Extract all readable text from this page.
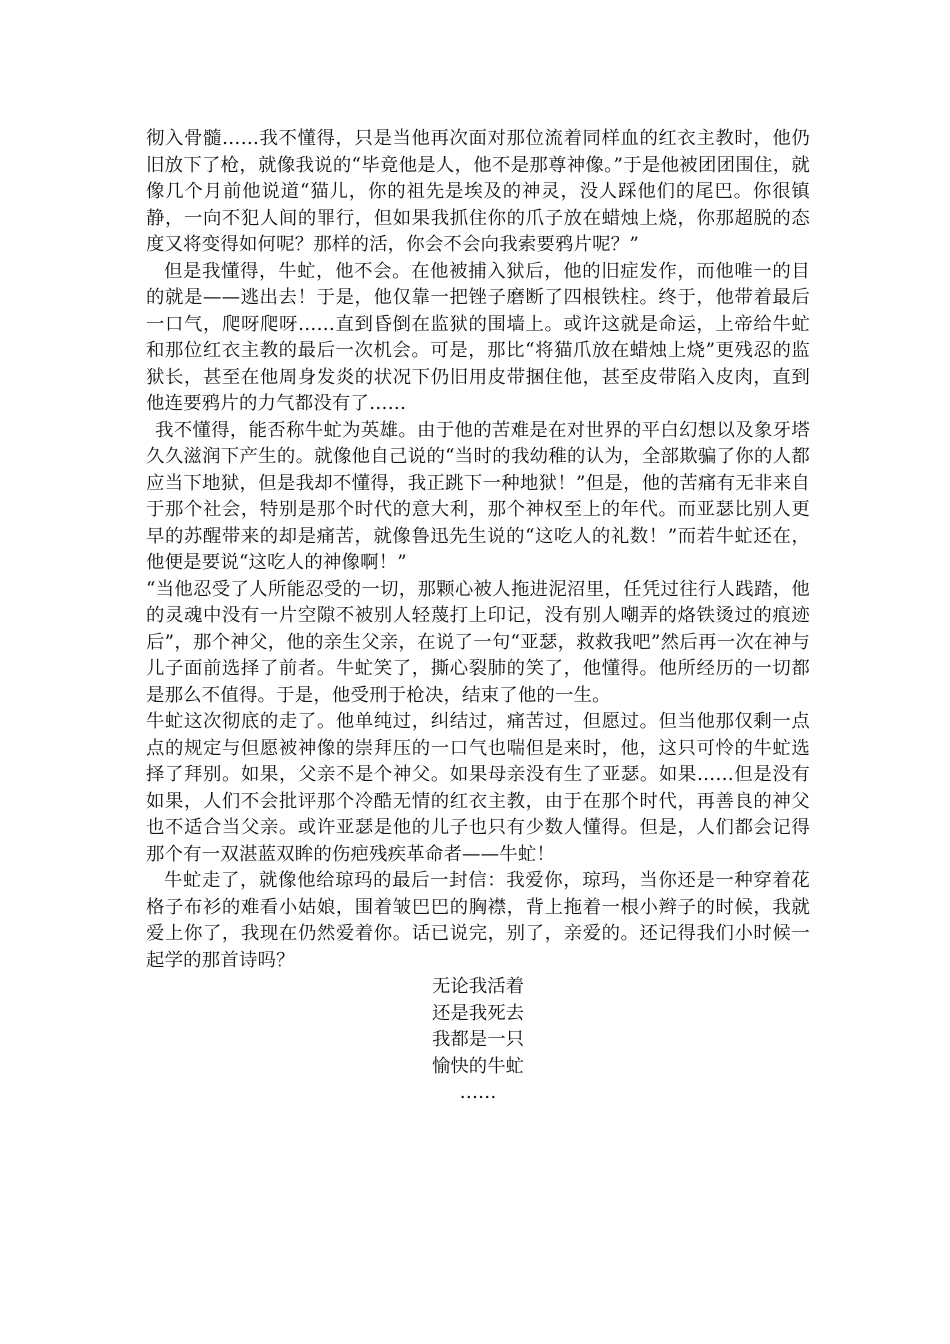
彻入骨髓……我不懂得，只是当他再次面对那位流着同样血的红衣主教时，他仍旧放下了枪，就像我说的“毕竟他是人，他不是那尊神像。”于是他被团团围住，就像几个月前他说道“猫儿，你的祖先是埃及的神灵，没人踩他们的尾巴。你很镇静，一向不犯人间的罪行，但如果我抓住你的爪子放在蜡烛上烧，你那超脱的态度又将变得如何呢？那样的活，你会不会向我索要鸦片呢？”

但是我懂得，牛虻，他不会。在他被捕入狱后，他的旧症发作，而他唯一的目的就是——逃出去！于是，他仅靠一把锉子磨断了四根铁柱。终于，他带着最后一口气，爬呀爬呀……直到昏倒在监狱的围墙上。或许这就是命运，上帝给牛虻和那位红衣主教的最后一次机会。可是，那比“将猫爪放在蜡烛上烧”更残忍的监狱长，甚至在他周身发炎的状况下仍旧用皮带捆住他，甚至皮带陷入皮肉，直到他连要鸦片的力气都没有了……

我不懂得，能否称牛虻为英雄。由于他的苦难是在对世界的平白幻想以及象牙塔久久滋润下产生的。就像他自己说的“当时的我幼稚的认为，全部欺骗了你的人都应当下地狱，但是我却不懂得，我正跳下一种地狱！”但是，他的苦痛有无非来自于那个社会，特别是那个时代的意大利，那个神权至上的年代。而亚瑟比别人更早的苏醒带来的却是痛苦，就像鲁迅先生说的“这吃人的礼数！”而若牛虻还在，他便是要说“这吃人的神像啊！”

“当他忍受了人所能忍受的一切，那颗心被人拖进泥沼里，任凭过往行人践踏，他的灵魂中没有一片空隙不被别人轻蔑打上印记，没有别人嘲弄的烙铁烫过的痕迹后”，那个神父，他的亲生父亲，在说了一句“亚瑟，救救我吧”然后再一次在神与儿子面前选择了前者。牛虻笑了，撕心裂肺的笑了，他懂得。他所经历的一切都是那么不值得。于是，他受刑于枪决，结束了他的一生。

牛虻这次彻底的走了。他单纯过，纠结过，痛苦过，但愿过。但当他那仅剩一点点的规定与但愿被神像的崇拜压的一口气也喘但是来时，他，这只可怜的牛虻选择了拜别。如果，父亲不是个神父。如果母亲没有生了亚瑟。如果……但是没有如果，人们不会批评那个冷酷无情的红衣主教，由于在那个时代，再善良的神父也不适合当父亲。或许亚瑟是他的儿子也只有少数人懂得。但是，人们都会记得 那个有一双湛蓝双眸的伤疤残疾革命者——牛虻！

牛虻走了，就像他给琼玛的最后一封信：我爱你，琼玛，当你还是一种穿着花格子布衫的难看小姑娘，围着皱巴巴的胸襟，背上拖着一根小辫子的时候，我就爱上你了，我现在仍然爱着你。话已说完，别了，亲爱的。还记得我们小时候一起学的那首诗吗？

无论我活着

还是我死去

我都是一只

愉快的牛虻

……
